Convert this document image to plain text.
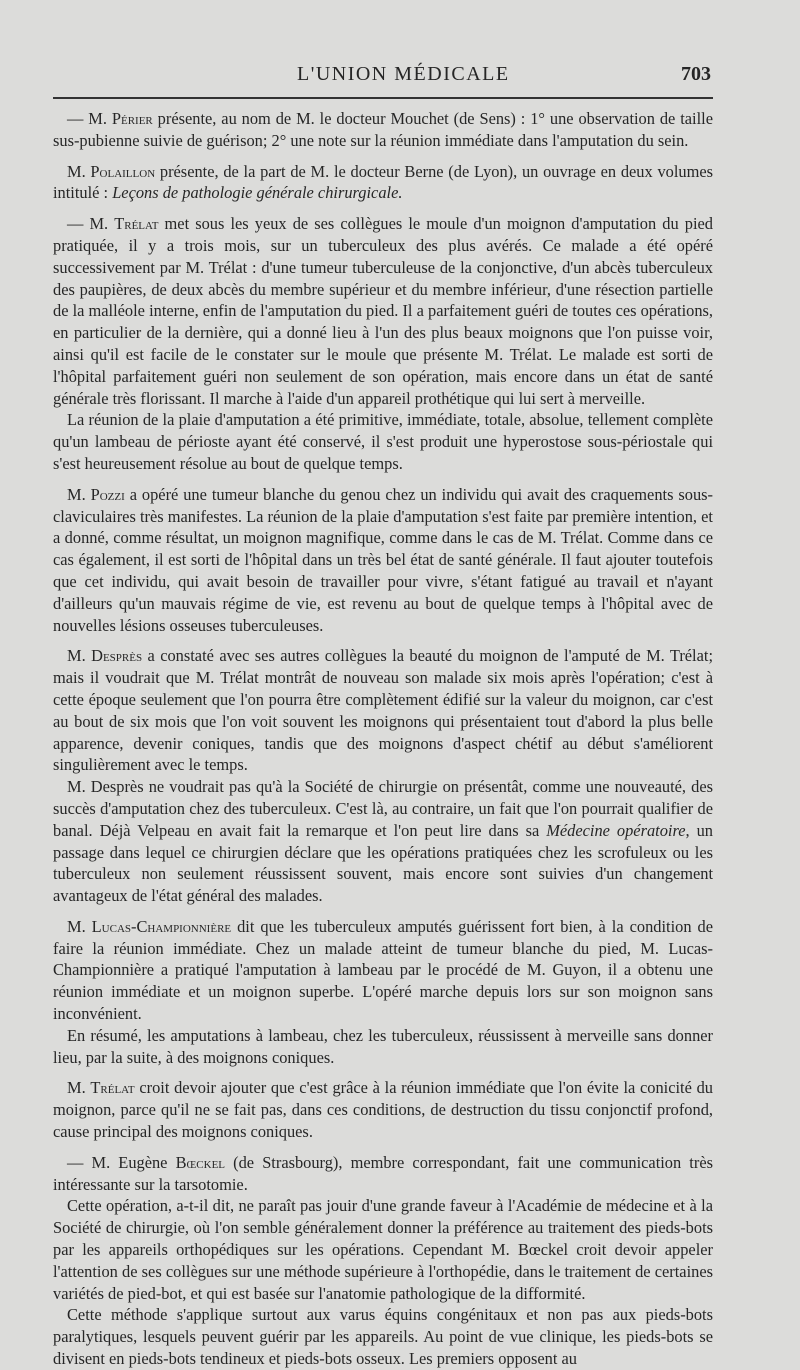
L'UNION MÉDICALE	703

— M. Périer présente, au nom de M. le docteur Mouchet (de Sens) : 1° une observation de taille sus-pubienne suivie de guérison; 2° une note sur la réunion immédiate dans l'amputation du sein.

M. Polaillon présente, de la part de M. le docteur Berne (de Lyon), un ouvrage en deux volumes intitulé : Leçons de pathologie générale chirurgicale.

— M. Trélat met sous les yeux de ses collègues le moule d'un moignon d'amputation du pied pratiquée, il y a trois mois, sur un tuberculeux des plus avérés. Ce malade a été opéré successivement par M. Trélat : d'une tumeur tuberculeuse de la conjonctive, d'un abcès tuberculeux des paupières, de deux abcès du membre supérieur et du membre inférieur, d'une résection partielle de la malléole interne, enfin de l'amputation du pied. Il a parfaitement guéri de toutes ces opérations, en particulier de la dernière, qui a donné lieu à l'un des plus beaux moignons que l'on puisse voir, ainsi qu'il est facile de le constater sur le moule que présente M. Trélat. Le malade est sorti de l'hôpital parfaitement guéri non seulement de son opération, mais encore dans un état de santé générale très florissant. Il marche à l'aide d'un appareil prothétique qui lui sert à merveille.

La réunion de la plaie d'amputation a été primitive, immédiate, totale, absolue, tellement complète qu'un lambeau de périoste ayant été conservé, il s'est produit une hyperostose sous-périostale qui s'est heureusement résolue au bout de quelque temps.

M. Pozzi a opéré une tumeur blanche du genou chez un individu qui avait des craquements sous-claviculaires très manifestes. La réunion de la plaie d'amputation s'est faite par première intention, et a donné, comme résultat, un moignon magnifique, comme dans le cas de M. Trélat. Comme dans ce cas également, il est sorti de l'hôpital dans un très bel état de santé générale. Il faut ajouter toutefois que cet individu, qui avait besoin de travailler pour vivre, s'étant fatigué au travail et n'ayant d'ailleurs qu'un mauvais régime de vie, est revenu au bout de quelque temps à l'hôpital avec de nouvelles lésions osseuses tuberculeuses.

M. Desprès a constaté avec ses autres collègues la beauté du moignon de l'amputé de M. Trélat; mais il voudrait que M. Trélat montrât de nouveau son malade six mois après l'opération; c'est à cette époque seulement que l'on pourra être complètement édifié sur la valeur du moignon, car c'est au bout de six mois que l'on voit souvent les moignons qui présentaient tout d'abord la plus belle apparence, devenir coniques, tandis que des moignons d'aspect chétif au début s'améliorent singulièrement avec le temps.

M. Desprès ne voudrait pas qu'à la Société de chirurgie on présentât, comme une nouveauté, des succès d'amputation chez des tuberculeux. C'est là, au contraire, un fait que l'on pourrait qualifier de banal. Déjà Velpeau en avait fait la remarque et l'on peut lire dans sa Médecine opératoire, un passage dans lequel ce chirurgien déclare que les opérations pratiquées chez les scrofuleux ou les tuberculeux non seulement réussissent souvent, mais encore sont suivies d'un changement avantageux de l'état général des malades.

M. Lucas-Championnière dit que les tuberculeux amputés guérissent fort bien, à la condition de faire la réunion immédiate. Chez un malade atteint de tumeur blanche du pied, M. Lucas-Championnière a pratiqué l'amputation à lambeau par le procédé de M. Guyon, il a obtenu une réunion immédiate et un moignon superbe. L'opéré marche depuis lors sur son moignon sans inconvénient.

En résumé, les amputations à lambeau, chez les tuberculeux, réussissent à merveille sans donner lieu, par la suite, à des moignons coniques.

M. Trélat croit devoir ajouter que c'est grâce à la réunion immédiate que l'on évite la conicité du moignon, parce qu'il ne se fait pas, dans ces conditions, de destruction du tissu conjonctif profond, cause principal des moignons coniques.

— M. Eugène Bœckel (de Strasbourg), membre correspondant, fait une communication très intéressante sur la tarsotomie.

Cette opération, a-t-il dit, ne paraît pas jouir d'une grande faveur à l'Académie de médecine et à la Société de chirurgie, où l'on semble généralement donner la préférence au traitement des pieds-bots par les appareils orthopédiques sur les opérations. Cependant M. Bœckel croit devoir appeler l'attention de ses collègues sur une méthode supérieure à l'orthopédie, dans le traitement de certaines variétés de pied-bot, et qui est basée sur l'anatomie pathologique de la difformité.

Cette méthode s'applique surtout aux varus équins congénitaux et non pas aux pieds-bots paralytiques, lesquels peuvent guérir par les appareils. Au point de vue clinique, les pieds-bots se divisent en pieds-bots tendineux et pieds-bots osseux. Les premiers opposent au
